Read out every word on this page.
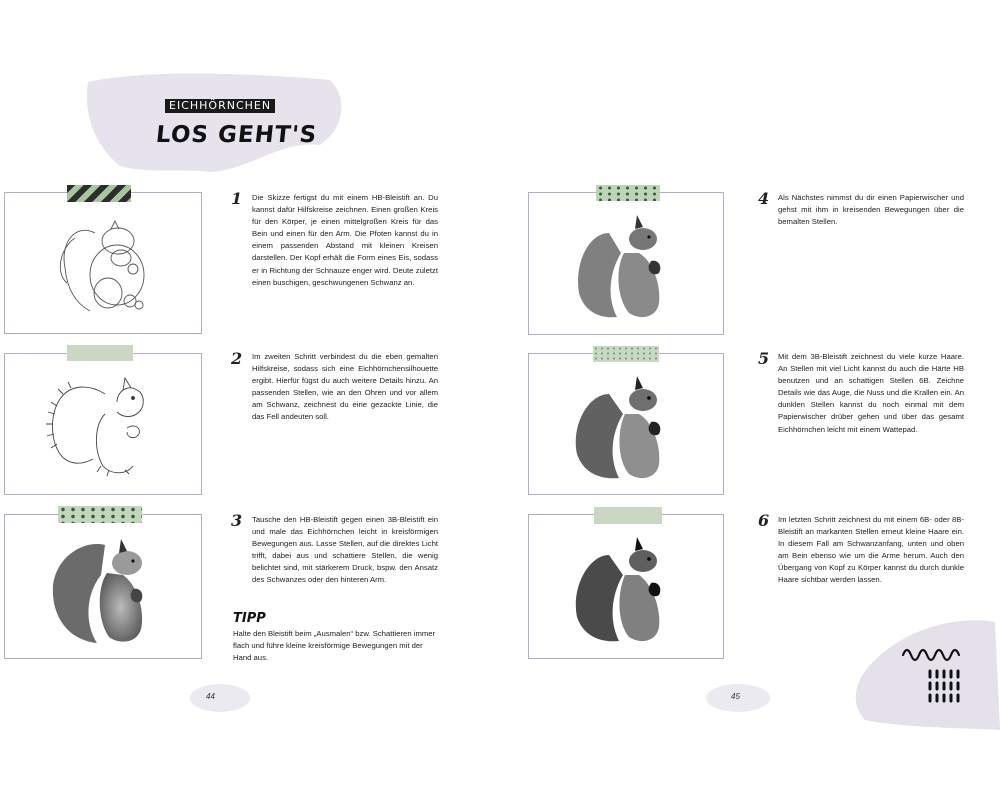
EICHHÖRNCHEN
LOS GEHT'S
1 Die Skizze fertigst du mit einem HB-Bleistift an. Du kannst dafür Hilfskreise zeichnen. Einen großen Kreis für den Körper, je einen mittelgroßen Kreis für das Bein und einen für den Arm. Die Pfoten kannst du in einem passenden Abstand mit kleinen Kreisen darstellen. Der Kopf erhält die Form eines Eis, sodass er in Richtung der Schnauze enger wird. Deute zuletzt einen buschigen, geschwungenen Schwanz an.
2 Im zweiten Schritt verbindest du die eben gemalten Hilfskreise, sodass sich eine Eichhörnchensilhouette ergibt. Hierfür fügst du auch weitere Details hinzu. An passenden Stellen, wie an den Ohren und vor allem am Schwanz, zeichnest du eine gezackte Linie, die das Fell andeuten soll.
3 Tausche den HB-Bleistift gegen einen 3B-Bleistift ein und male das Eichhörnchen leicht in kreisförmigen Bewegungen aus. Lasse Stellen, auf die direktes Licht trifft, dabei aus und schattiere Stellen, die wenig belichtet sind, mit stärkerem Druck, bspw. den Ansatz des Schwanzes oder den hinteren Arm.
TIPP
Halte den Bleistift beim „Ausmalen“ bzw. Schattieren immer flach und führe kleine kreisförmige Bewegungen mit der Hand aus.
44
4 Als Nächstes nimmst du dir einen Papierwischer und gehst mit ihm in kreisenden Bewegungen über die bemalten Stellen.
5 Mit dem 3B-Bleistift zeichnest du viele kurze Haare. An Stellen mit viel Licht kannst du auch die Härte HB benutzen und an schattigen Stellen 6B. Zeichne Details wie das Auge, die Nuss und die Krallen ein. An dunklen Stellen kannst du noch einmal mit dem Papierwischer drüber gehen und über das gesamt Eichhörnchen leicht mit einem Wattepad.
6 Im letzten Schritt zeichnest du mit einem 6B- oder 8B-Bleistift an markanten Stellen erneut kleine Haare ein. In diesem Fall am Schwanzanfang, unten und oben am Bein ebenso wie um die Arme herum. Auch den Übergang von Kopf zu Körper kannst du durch dunkle Haare sichtbar werden lassen.
45
